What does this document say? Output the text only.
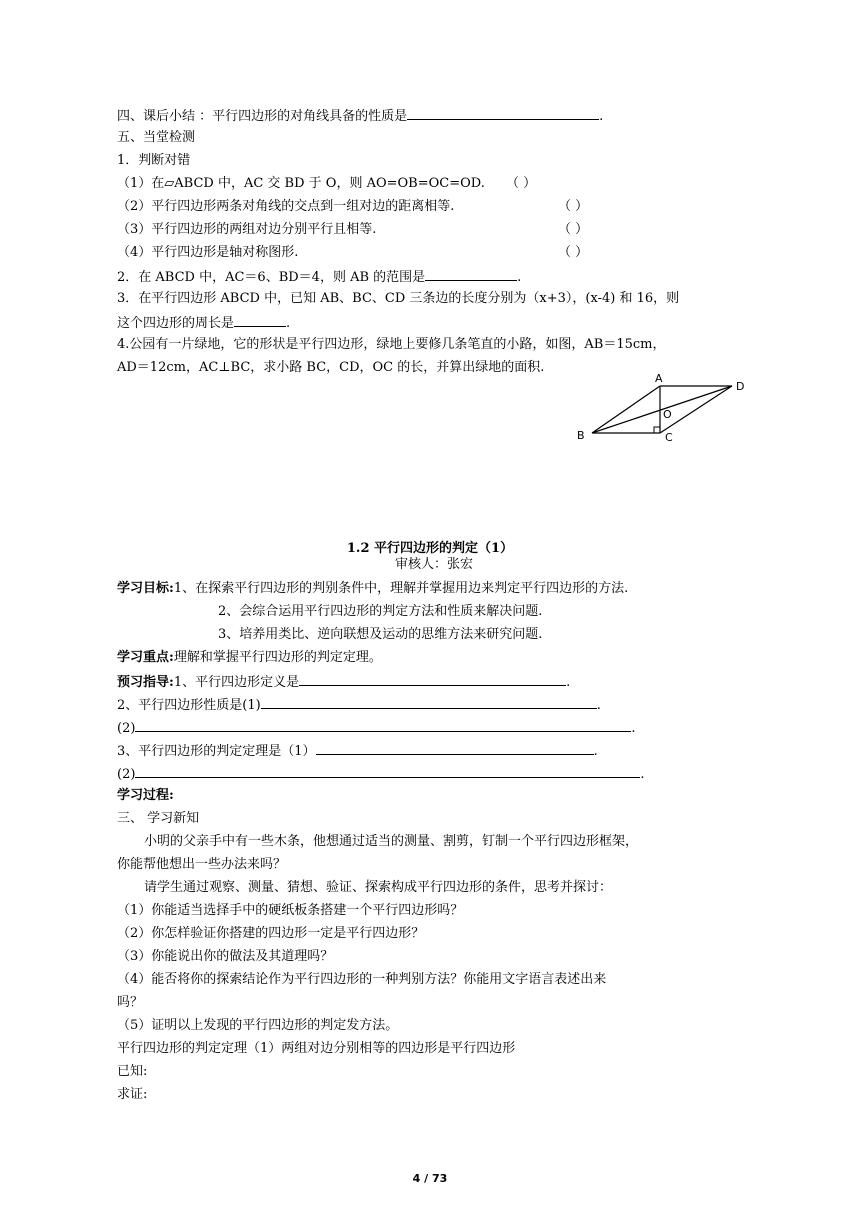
四、课后小结 ：平行四边形的对角线具备的性质是	.
五、当堂检测
1．判断对错
（1）在▱ABCD 中，AC 交 BD 于 O，则 AO=OB=OC=OD. （ ）
（2）平行四边形两条对角线的交点到一组对边的距离相等.	（ ）
（3）平行四边形的两组对边分别平行且相等.	（ ）
（4）平行四边形是轴对称图形.	（ ）
2．在 ABCD 中，AC＝6、BD＝4，则 AB 的范围是	.
3．在平行四边形 ABCD 中，已知 AB、BC、CD 三条边的长度分别为（x+3），(x-4) 和 16，则
这个四边形的周长是	.
4.公园有一片绿地，它的形状是平行四边形，绿地上要修几条笔直的小路，如图，AB＝15cm，
AD＝12cm，AC⊥BC，求小路 BC，CD，OC 的长，并算出绿地的面积.
A
B	C
D
O
1.2 平行四边形的判定（1）
审核人：张宏
学习目标:1、在探索平行四边形的判别条件中，理解并掌握用边来判定平行四边形的方法.
2、会综合运用平行四边形的判定方法和性质来解决问题.
3、培养用类比、逆向联想及运动的思维方法来研究问题.
学习重点:理解和掌握平行四边形的判定定理。
预习指导:1、平行四边形定义是	.
2、平行四边形性质是(1)	.
(2)	.
3、平行四边形的判定定理是（1）	.
(2)	.
学习过程:
三、 学习新知
小明的父亲手中有一些木条，他想通过适当的测量、割剪，钉制一个平行四边形框架，
你能帮他想出一些办法来吗？
请学生通过观察、测量、猜想、验证、探索构成平行四边形的条件，思考并探讨：
（1）你能适当选择手中的硬纸板条搭建一个平行四边形吗？
（2）你怎样验证你搭建的四边形一定是平行四边形？
（3）你能说出你的做法及其道理吗？
（4）能否将你的探索结论作为平行四边形的一种判别方法？你能用文字语言表述出来
吗？
（5）证明以上发现的平行四边形的判定发方法。
平行四边形的判定定理（1）两组对边分别相等的四边形是平行四边形
已知:
求证:
4 / 73
